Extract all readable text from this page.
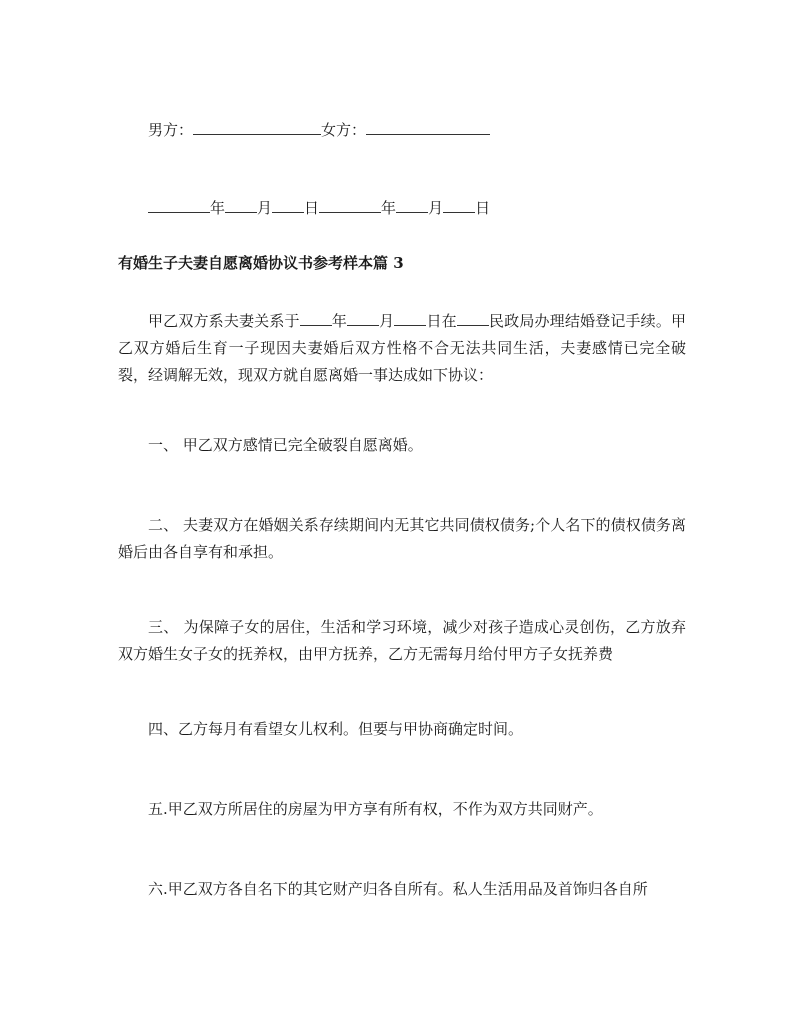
男方：	女方：
年 月 日	年 月 日
有婚生子夫妻自愿离婚协议书参考样本篇 3
甲乙双方系夫妻关系于 年 月 日在 民政局办理结婚登记手续。甲乙双方婚后生育一子现因夫妻婚后双方性格不合无法共同生活，夫妻感情已完全破裂，经调解无效，现双方就自愿离婚一事达成如下协议：
一、 甲乙双方感情已完全破裂自愿离婚。
二、 夫妻双方在婚姻关系存续期间内无其它共同债权债务;个人名下的债权债务离婚后由各自享有和承担。
三、 为保障子女的居住，生活和学习环境，减少对孩子造成心灵创伤，乙方放弃双方婚生女子女的抚养权，由甲方抚养，乙方无需每月给付甲方子女抚养费
四、乙方每月有看望女儿权利。但要与甲协商确定时间。
五.甲乙双方所居住的房屋为甲方享有所有权，不作为双方共同财产。
六.甲乙双方各自名下的其它财产归各自所有。私人生活用品及首饰归各自所
